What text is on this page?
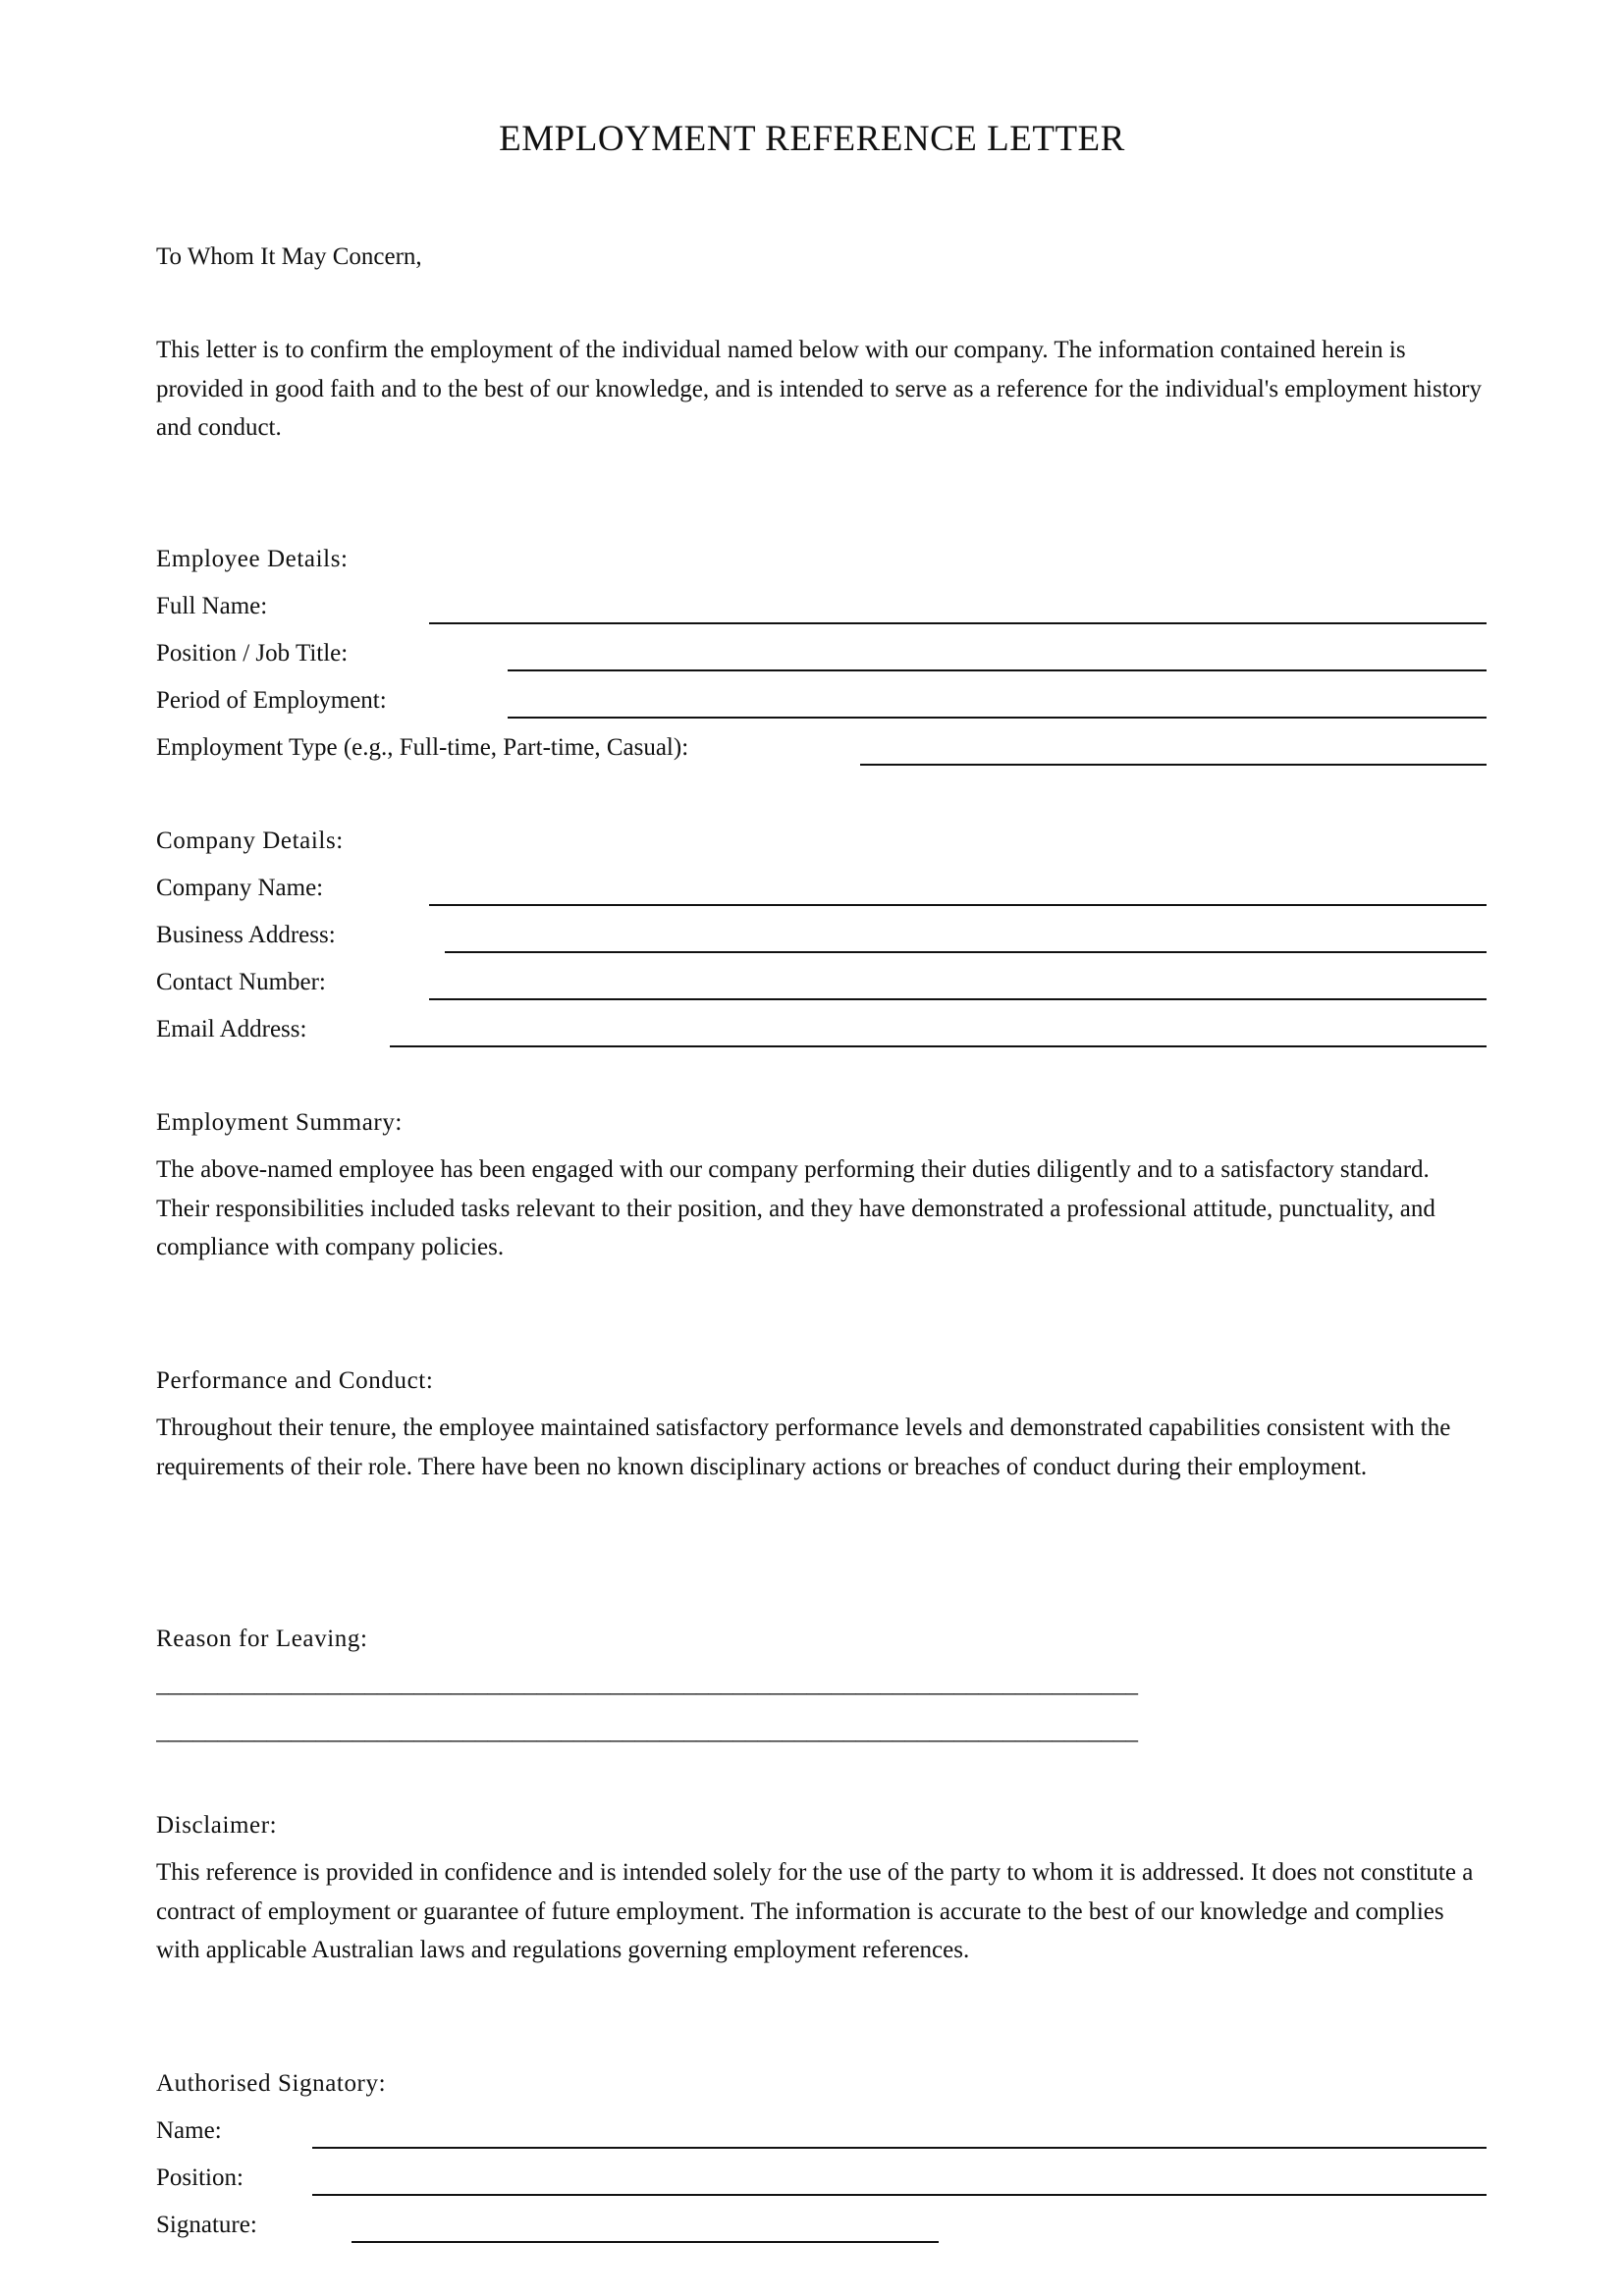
EMPLOYMENT REFERENCE LETTER
To Whom It May Concern,
This letter is to confirm the employment of the individual named below with our company. The information contained herein is provided in good faith and to the best of our knowledge, and is intended to serve as a reference for the individual's employment history and conduct.
Employee Details:
Full Name:
Position / Job Title:
Period of Employment:
Employment Type (e.g., Full-time, Part-time, Casual):
Company Details:
Company Name:
Business Address:
Contact Number:
Email Address:
Employment Summary:
The above-named employee has been engaged with our company performing their duties diligently and to a satisfactory standard. Their responsibilities included tasks relevant to their position, and they have demonstrated a professional attitude, punctuality, and compliance with company policies.
Performance and Conduct:
Throughout their tenure, the employee maintained satisfactory performance levels and demonstrated capabilities consistent with the requirements of their role. There have been no known disciplinary actions or breaches of conduct during their employment.
Reason for Leaving:
________________________________________________________________________________
________________________________________________________________________________
Disclaimer:
This reference is provided in confidence and is intended solely for the use of the party to whom it is addressed. It does not constitute a contract of employment or guarantee of future employment. The information is accurate to the best of our knowledge and complies with applicable Australian laws and regulations governing employment references.
Authorised Signatory:
Name:
Position:
Signature:
